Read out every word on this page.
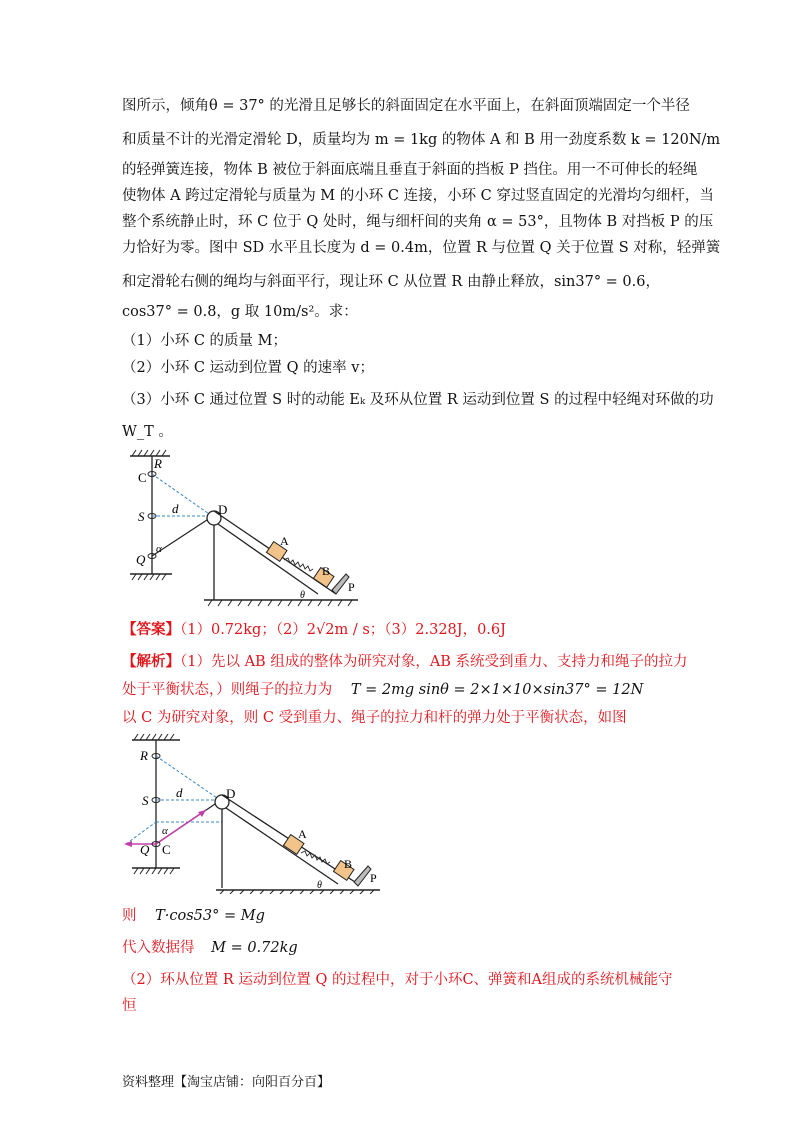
图所示，倾角θ = 37° 的光滑且足够长的斜面固定在水平面上，在斜面顶端固定一个半径
和质量不计的光滑定滑轮 D，质量均为 m = 1kg 的物体 A 和 B 用一劲度系数 k = 120N/m
的轻弹簧连接，物体 B 被位于斜面底端且垂直于斜面的挡板 P 挡住。用一不可伸长的轻绳
使物体 A 跨过定滑轮与质量为 M 的小环 C 连接，小环 C 穿过竖直固定的光滑均匀细杆，当
整个系统静止时，环 C 位于 Q 处时，绳与细杆间的夹角 α = 53°，且物体 B 对挡板 P 的压
力恰好为零。图中 SD 水平且长度为 d = 0.4m，位置 R 与位置 Q 关于位置 S 对称，轻弹簧
和定滑轮右侧的绳均与斜面平行，现让环 C 从位置 R 由静止释放，sin37° = 0.6，
cos37° = 0.8，g 取 10m/s²。求：
（1）小环 C 的质量 M；
（2）小环 C 运动到位置 Q 的速率 v；
（3）小环 C 通过位置 S 时的动能 Eₖ 及环从位置 R 运动到位置 S 的过程中轻绳对环做的功
W_T 。
R
C
S
d	D
Q
α
A
B
P
θ
【答案】（1）0.72kg；（2）2√2m / s；（3）2.328J，0.6J
【解析】（1）先以 AB 组成的整体为研究对象，AB 系统受到重力、支持力和绳子的拉力
处于平衡状态，）则绳子的拉力为 T = 2mg sinθ = 2×1×10×sin37° = 12N
以 C 为研究对象，则 C 受到重力、绳子的拉力和杆的弹力处于平衡状态，如图
R
S
d	D
Q C
α	A
B
P
θ
则 T·cos53° = Mg
代入数据得 M = 0.72kg
（2）环从位置 R 运动到位置 Q 的过程中，对于小环C、弹簧和A组成的系统机械能守
恒
资料整理【淘宝店铺：向阳百分百】
